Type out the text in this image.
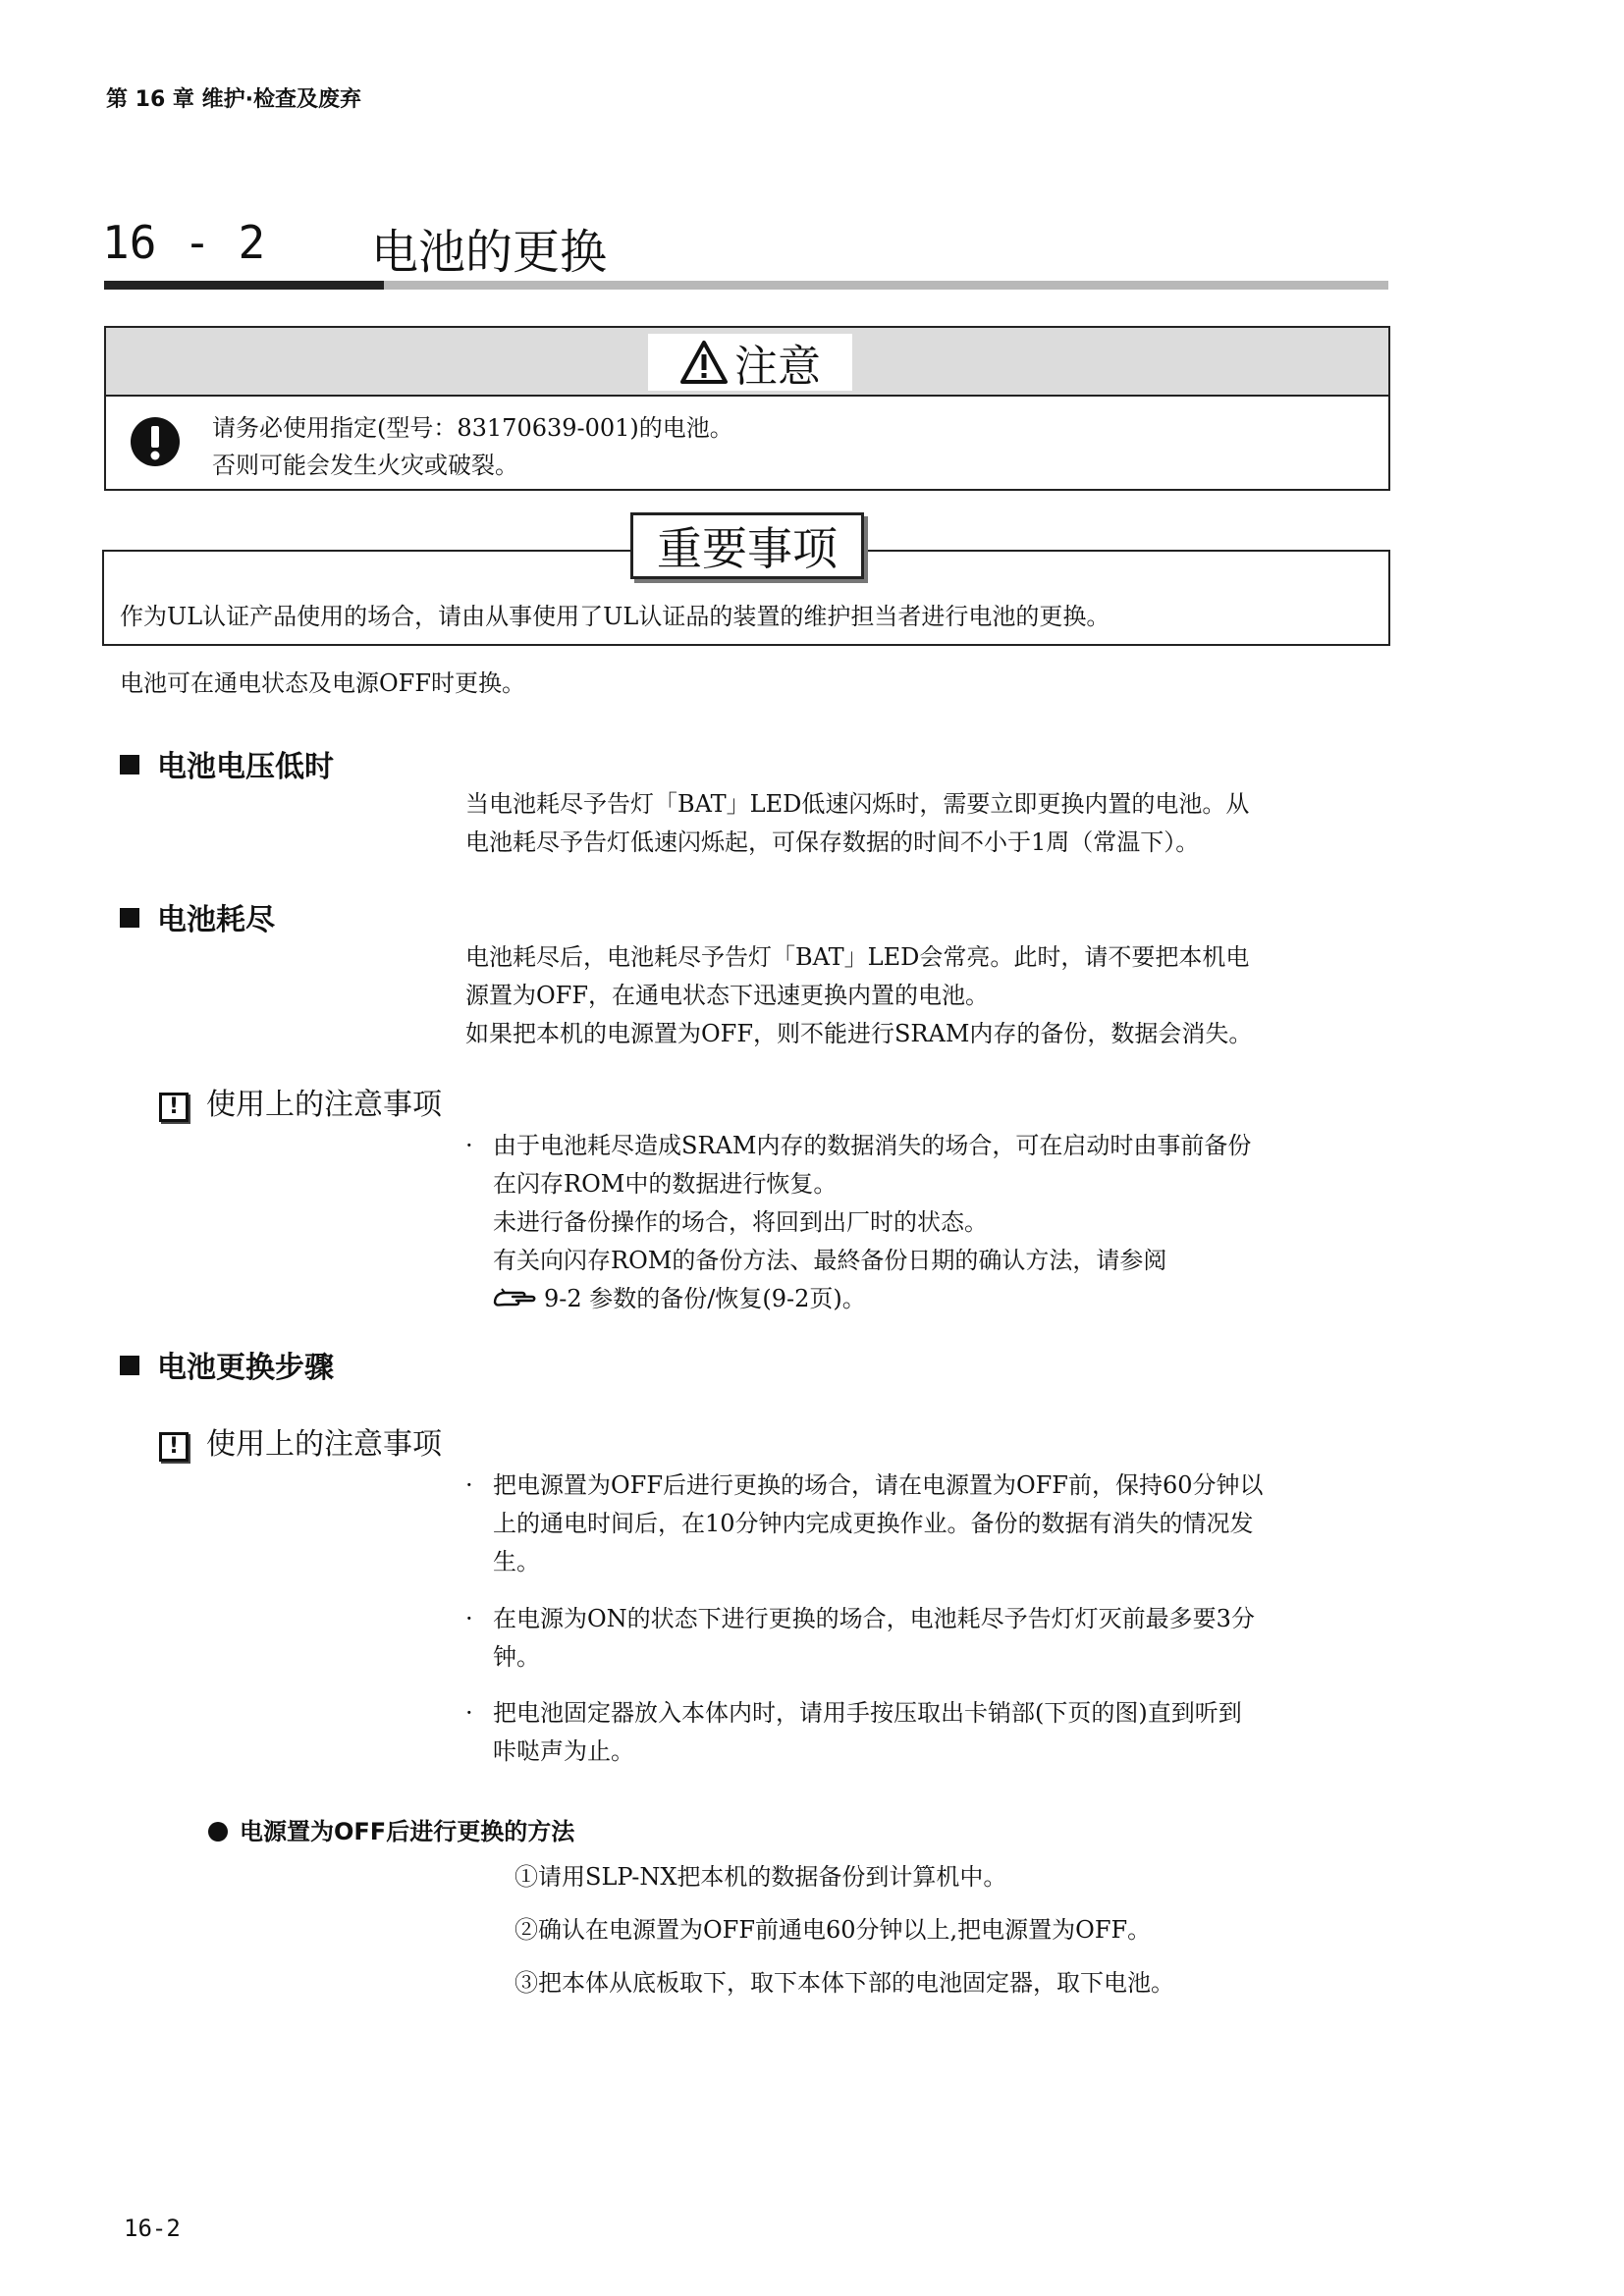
第 16 章 维护·检查及废弃
16 - 2 电池的更换
注意
请务必使用指定(型号：83170639-001)的电池。
否则可能会发生火灾或破裂。
重要事项
作为UL认证产品使用的场合，请由从事使用了UL认证品的装置的维护担当者进行电池的更换。
电池可在通电状态及电源OFF时更换。
电池电压低时
当电池耗尽予告灯「BAT」LED低速闪烁时，需要立即更换内置的电池。从
电池耗尽予告灯低速闪烁起，可保存数据的时间不小于1周（常温下）。
电池耗尽
电池耗尽后，电池耗尽予告灯「BAT」LED会常亮。此时，请不要把本机电
源置为OFF，在通电状态下迅速更换内置的电池。
如果把本机的电源置为OFF，则不能进行SRAM内存的备份，数据会消失。
! 使用上的注意事项
· 由于电池耗尽造成SRAM内存的数据消失的场合，可在启动时由事前备份
在闪存ROM中的数据进行恢复。
未进行备份操作的场合，将回到出厂时的状态。
有关向闪存ROM的备份方法、最終备份日期的确认方法，请参阅
9-2 参数的备份/恢复(9-2页)。
电池更换步骤
! 使用上的注意事项
· 把电源置为OFF后进行更换的场合，请在电源置为OFF前，保持60分钟以
上的通电时间后，在10分钟内完成更换作业。备份的数据有消失的情况发
生。
· 在电源为ON的状态下进行更换的场合，电池耗尽予告灯灯灭前最多要3分
钟。
· 把电池固定器放入本体内时，请用手按压取出卡销部(下页的图)直到听到
咔哒声为止。
电源置为OFF后进行更换的方法
①请用SLP-NX把本机的数据备份到计算机中。
②确认在电源置为OFF前通电60分钟以上,把电源置为OFF。
③把本体从底板取下，取下本体下部的电池固定器，取下电池。
16-2
